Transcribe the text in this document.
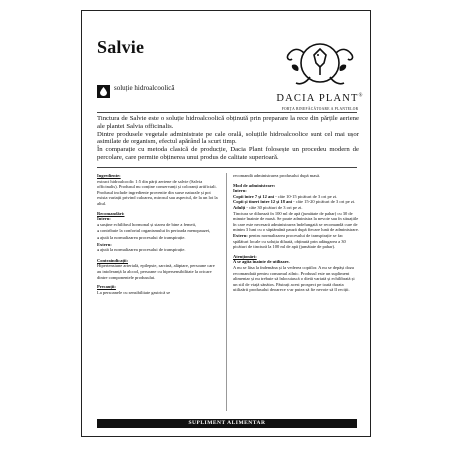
Salvie
soluție hidroalcoolică
DACIA PLANT®
FORȚA BINEFĂCĂTOARE A PLANTELOR

Tinctura de Salvie este o soluție hidroalcoolică obținută prin preparare la rece din părțile aeriene ale plantei Salvia officinalis.

Dintre produsele vegetale administrate pe cale orală, soluțiile hidroalcoolice sunt cel mai ușor asimilate de organism, efectul apărând la scurt timp.

În comparație cu metoda clasică de producție, Dacia Plant folosește un procedeu modern de percolare, care permite obținerea unui produs de calitate superioară.

Ingrediente:

extract hidroalcoolic 1:5 din părți aeriene de salvie (Salvia officinalis). Produsul nu conține conservanți și coloranți artificiali. Produsul include ingrediente provenite din surse naturale și pot exista variații privind culoarea, mirosul sau aspectul, de la un lot la altul.

Recomandări:

Intern:

● susține echilibrul hormonal și starea de bine a femeii,

● contribuie la confortul organismului în perioada menopauzei,

● ajută la normalizarea procesului de transpirație.

Extern:

● ajută la normalizarea procesului de transpirație.

Contraindicații:

Hipertensiune arterială, epilepsie, sarcină, alăptare, persoane care au intoleranță la alcool, persoane cu hipersensibilitate la oricare dintre componentele produsului.

Precauții:

La persoanele cu sensibilitate gastrică se

recomandă administrarea produsului după masă.

Mod de administrare:

Intern:

Copii între 7 și 12 ani - câte 10-15 picături de 3 ori pe zi.

Copii și tineri între 12 și 18 ani - câte 15-20 picături de 3 ori pe zi.

Adulți - câte 30 picături de 3 ori pe zi.

Tinctura se diluează în 100 ml de apă (jumătate de pahar) cu 30 de minute înainte de masă. Se poate administra la nevoie sau în situațiile în care este necesară administrarea îndelungată se recomandă cure de minim 3 luni cu o săptămână pauză după fiecare lună de administrare.

Extern: pentru normalizarea procesului de transpirație se fac spălături locale cu soluția diluată, obținută prin adăugarea a 30 picături de tinctură la 100 ml de apă (jumătate de pahar).

Atenționări:

A se agita înainte de utilizare.

A nu se lăsa la îndemâna și la vederea copiilor. A nu se depăși doza recomandată pentru consumul zilnic. Produsul este un supliment alimentar și nu trebuie să înlocuiască o dietă variată și echilibrată și un stil de viață sănătos. Păstrați acest prospect pe toată durata utilizării produsului deoarece s-ar putea să fie nevoie să îl reciții.

SUPLIMENT ALIMENTAR
